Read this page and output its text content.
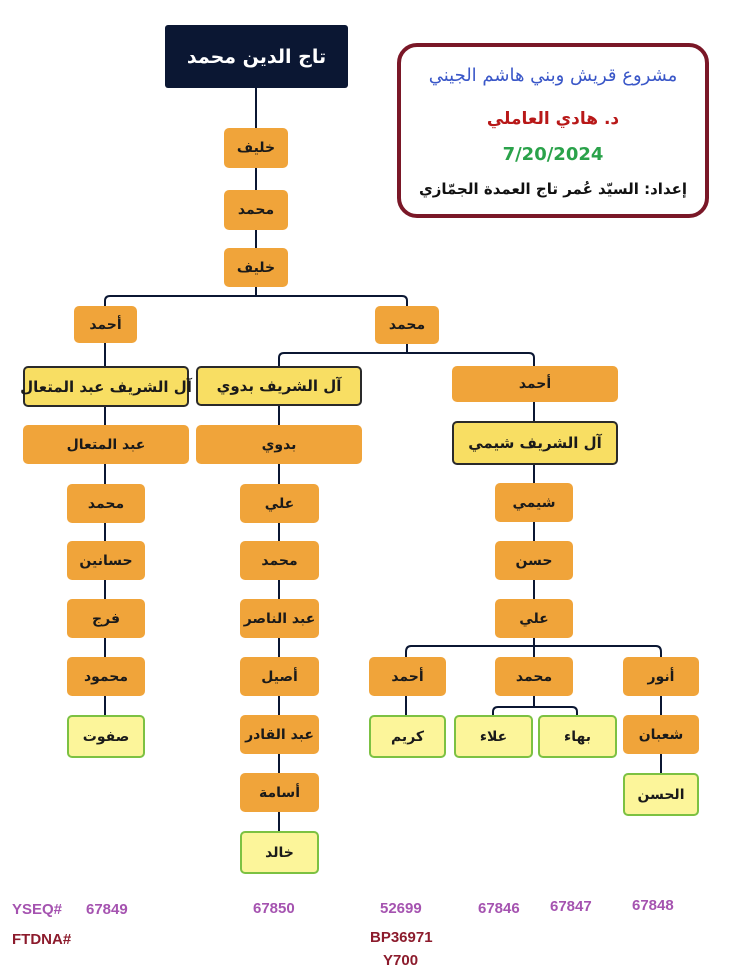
تاج الدين محمد
مشروع قريش وبني هاشم الجيني
د. هادي العاملي
7/20/2024
إعداد: السيّد عُمر تاج العمدة الجمّازي
خليف
محمد
خليف
أحمد
آل الشريف عبد المتعال
عبد المتعال
محمد
حسانين
فرج
محمود
صفوت
محمد
آل الشريف بدوي
بدوي
علي
محمد
عبد الناصر
أصيل
عبد القادر
أسامة
خالد
أحمد
آل الشريف شيمي
شيمي
حسن
علي
أحمد
كريم
محمد
علاء	بهاء
أنور
شعبان
الحسن
YSEQ#
FTDNA#
67849	67850	52699
BP36971
Y700
67846 67847	67848
